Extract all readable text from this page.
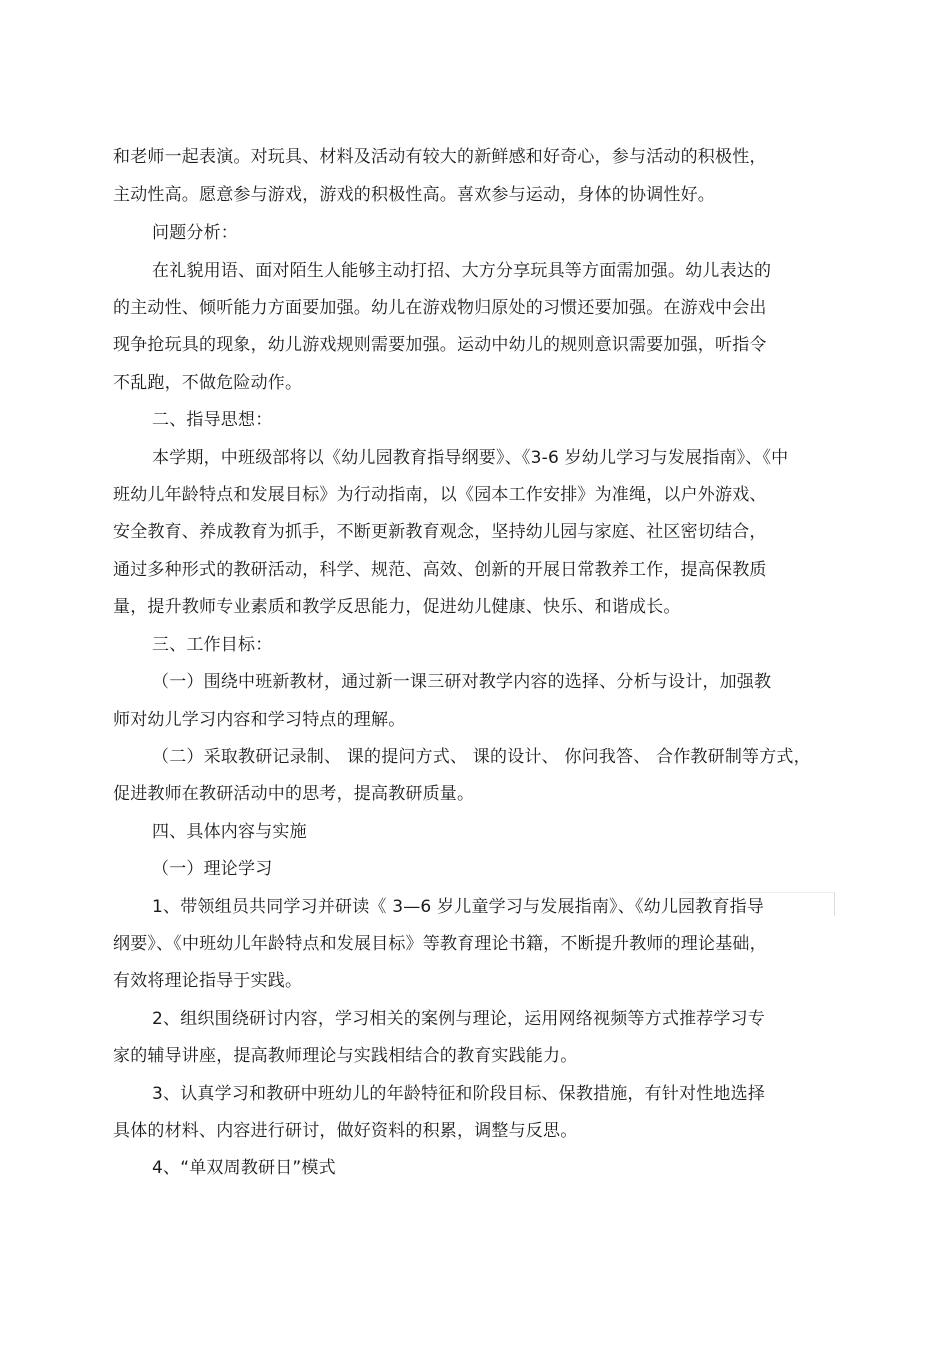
和老师一起表演。对玩具、材料及活动有较大的新鲜感和好奇心，参与活动的积极性，
主动性高。愿意参与游戏，游戏的积极性高。喜欢参与运动，身体的协调性好。
问题分析：
在礼貌用语、面对陌生人能够主动打招、大方分享玩具等方面需加强。幼儿表达的
的主动性、倾听能力方面要加强。幼儿在游戏物归原处的习惯还要加强。在游戏中会出
现争抢玩具的现象，幼儿游戏规则需要加强。运动中幼儿的规则意识需要加强，听指令
不乱跑，不做危险动作。
二、指导思想：
本学期，中班级部将以《幼儿园教育指导纲要》、《3-6 岁幼儿学习与发展指南》、《中
班幼儿年龄特点和发展目标》为行动指南，以《园本工作安排》为准绳，以户外游戏、
安全教育、养成教育为抓手，不断更新教育观念，坚持幼儿园与家庭、社区密切结合，
通过多种形式的教研活动，科学、规范、高效、创新的开展日常教养工作，提高保教质
量，提升教师专业素质和教学反思能力，促进幼儿健康、快乐、和谐成长。
三、工作目标：
（一）围绕中班新教材，通过新一课三研对教学内容的选择、分析与设计，加强教
师对幼儿学习内容和学习特点的理解。
（二）采取教研记录制、 课的提问方式、 课的设计、 你问我答、 合作教研制等方式，
促进教师在教研活动中的思考，提高教研质量。
四、具体内容与实施
（一）理论学习
1、带领组员共同学习并研读《 3—6 岁儿童学习与发展指南》、《幼儿园教育指导
纲要》、《中班幼儿年龄特点和发展目标》等教育理论书籍，不断提升教师的理论基础，
有效将理论指导于实践。
2、组织围绕研讨内容，学习相关的案例与理论，运用网络视频等方式推荐学习专
家的辅导讲座，提高教师理论与实践相结合的教育实践能力。
3、认真学习和教研中班幼儿的年龄特征和阶段目标、保教措施，有针对性地选择
具体的材料、内容进行研讨，做好资料的积累，调整与反思。
4、“单双周教研日”模式
